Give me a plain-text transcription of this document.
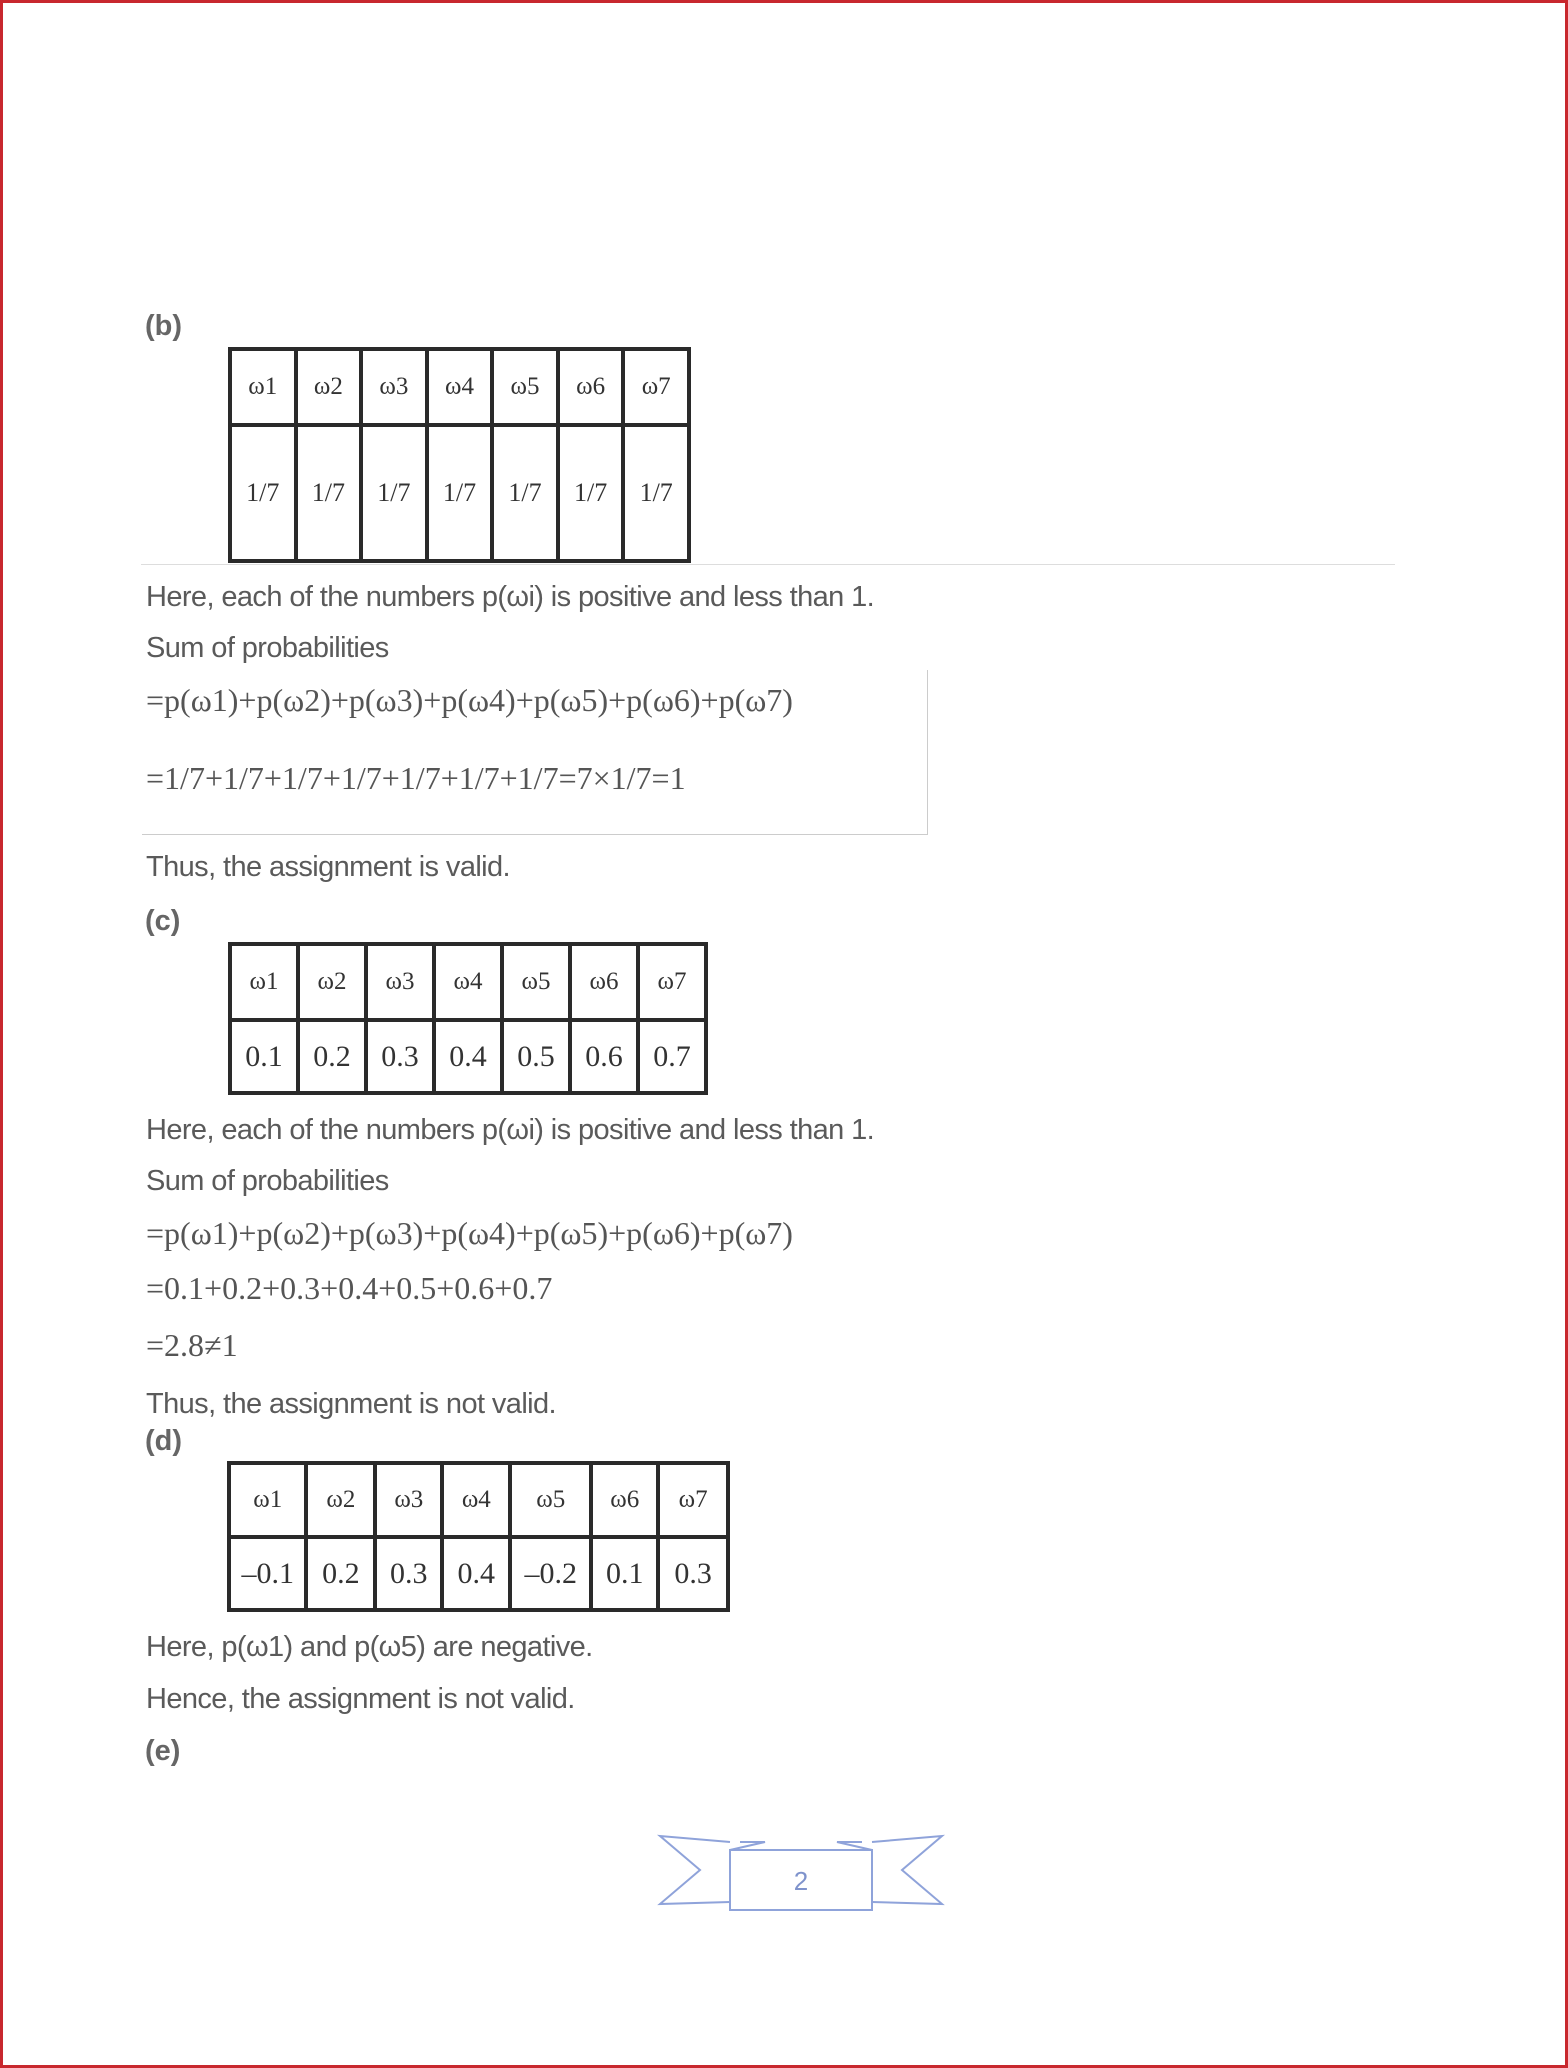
(b)
ω1	ω2	ω3	ω4	ω5	ω6	ω7
1/7	1/7	1/7	1/7	1/7	1/7	1/7
Here, each of the numbers p(ωi) is positive and less than 1.
Sum of probabilities
=p(ω1)+p(ω2)+p(ω3)+p(ω4)+p(ω5)+p(ω6)+p(ω7)
=1/7+1/7+1/7+1/7+1/7+1/7+1/7=7×1/7=1
Thus, the assignment is valid.
(c)
ω1	ω2	ω3	ω4	ω5	ω6	ω7
0.1	0.2	0.3	0.4	0.5	0.6	0.7
Here, each of the numbers p(ωi) is positive and less than 1.
Sum of probabilities
=p(ω1)+p(ω2)+p(ω3)+p(ω4)+p(ω5)+p(ω6)+p(ω7)
=0.1+0.2+0.3+0.4+0.5+0.6+0.7
=2.8≠1
Thus, the assignment is not valid.
(d)
ω1	ω2	ω3	ω4	ω5	ω6	ω7
–0.1	0.2	0.3	0.4	–0.2	0.1	0.3
Here, p(ω1) and p(ω5) are negative.
Hence, the assignment is not valid.
(e)
2
